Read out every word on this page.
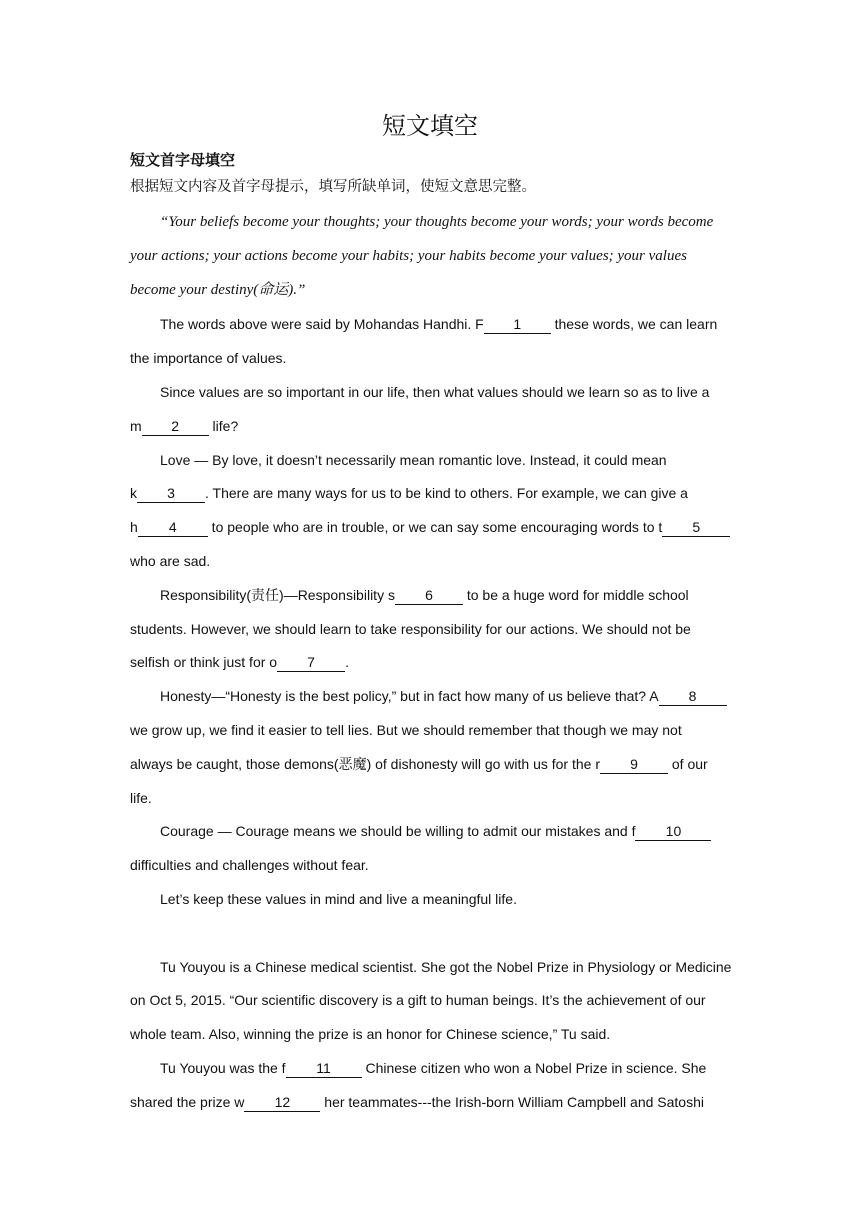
短文填空
短文首字母填空
根据短文内容及首字母提示，填写所缺单词，使短文意思完整。
“Your beliefs become your thoughts; your thoughts become your words; your words become
your actions; your actions become your habits; your habits become your values; your values
become your destiny(命运).”
The words above were said by Mohandas Handhi. F 1 these words, we can learn
the importance of values.
Since values are so important in our life, then what values should we learn so as to live a
m 2 life?
Love — By love, it doesn’t necessarily mean romantic love. Instead, it could mean
k 3 . There are many ways for us to be kind to others. For example, we can give a
h 4 to people who are in trouble, or we can say some encouraging words to t 5
who are sad.
Responsibility(责任)—Responsibility s 6 to be a huge word for middle school
students. However, we should learn to take responsibility for our actions. We should not be
selfish or think just for o 7 .
Honesty—“Honesty is the best policy,” but in fact how many of us believe that? A 8
we grow up, we find it easier to tell lies. But we should remember that though we may not
always be caught, those demons(恶魔) of dishonesty will go with us for the r 9 of our
life.
Courage — Courage means we should be willing to admit our mistakes and f 10
difficulties and challenges without fear.
Let’s keep these values in mind and live a meaningful life.
Tu Youyou is a Chinese medical scientist. She got the Nobel Prize in Physiology or Medicine
on Oct 5, 2015. “Our scientific discovery is a gift to human beings. It’s the achievement of our
whole team. Also, winning the prize is an honor for Chinese science,” Tu said.
Tu Youyou was the f 11 Chinese citizen who won a Nobel Prize in science. She
shared the prize w 12 her teammates---the Irish-born William Campbell and Satoshi
